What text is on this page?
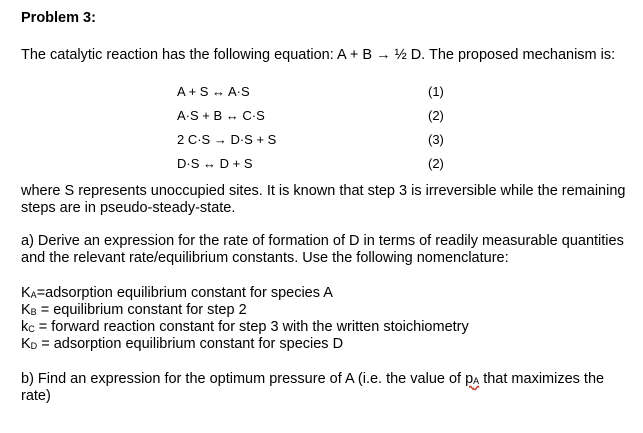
Problem 3:

The catalytic reaction has the following equation: A + B → ½ D. The proposed mechanism is:

A + S ↔ A·S	(1)
A·S + B ↔ C·S	(2)
2 C·S → D·S + S	(3)
D·S ↔ D + S	(2)

where S represents unoccupied sites. It is known that step 3 is irreversible while the remaining steps are in pseudo-steady-state.

a) Derive an expression for the rate of formation of D in terms of readily measurable quantities and the relevant rate/equilibrium constants. Use the following nomenclature:

$K_A=adsorption$ equilibrium constant for species A
$K_B$ = equilibrium constant for step 2
$k_C$ = forward reaction constant for step 3 with the written stoichiometry
$K_D$ = adsorption equilibrium constant for species D

b) Find an expression for the optimum pressure of A (i.e. the value of $p_A$ that maximizes the rate)
